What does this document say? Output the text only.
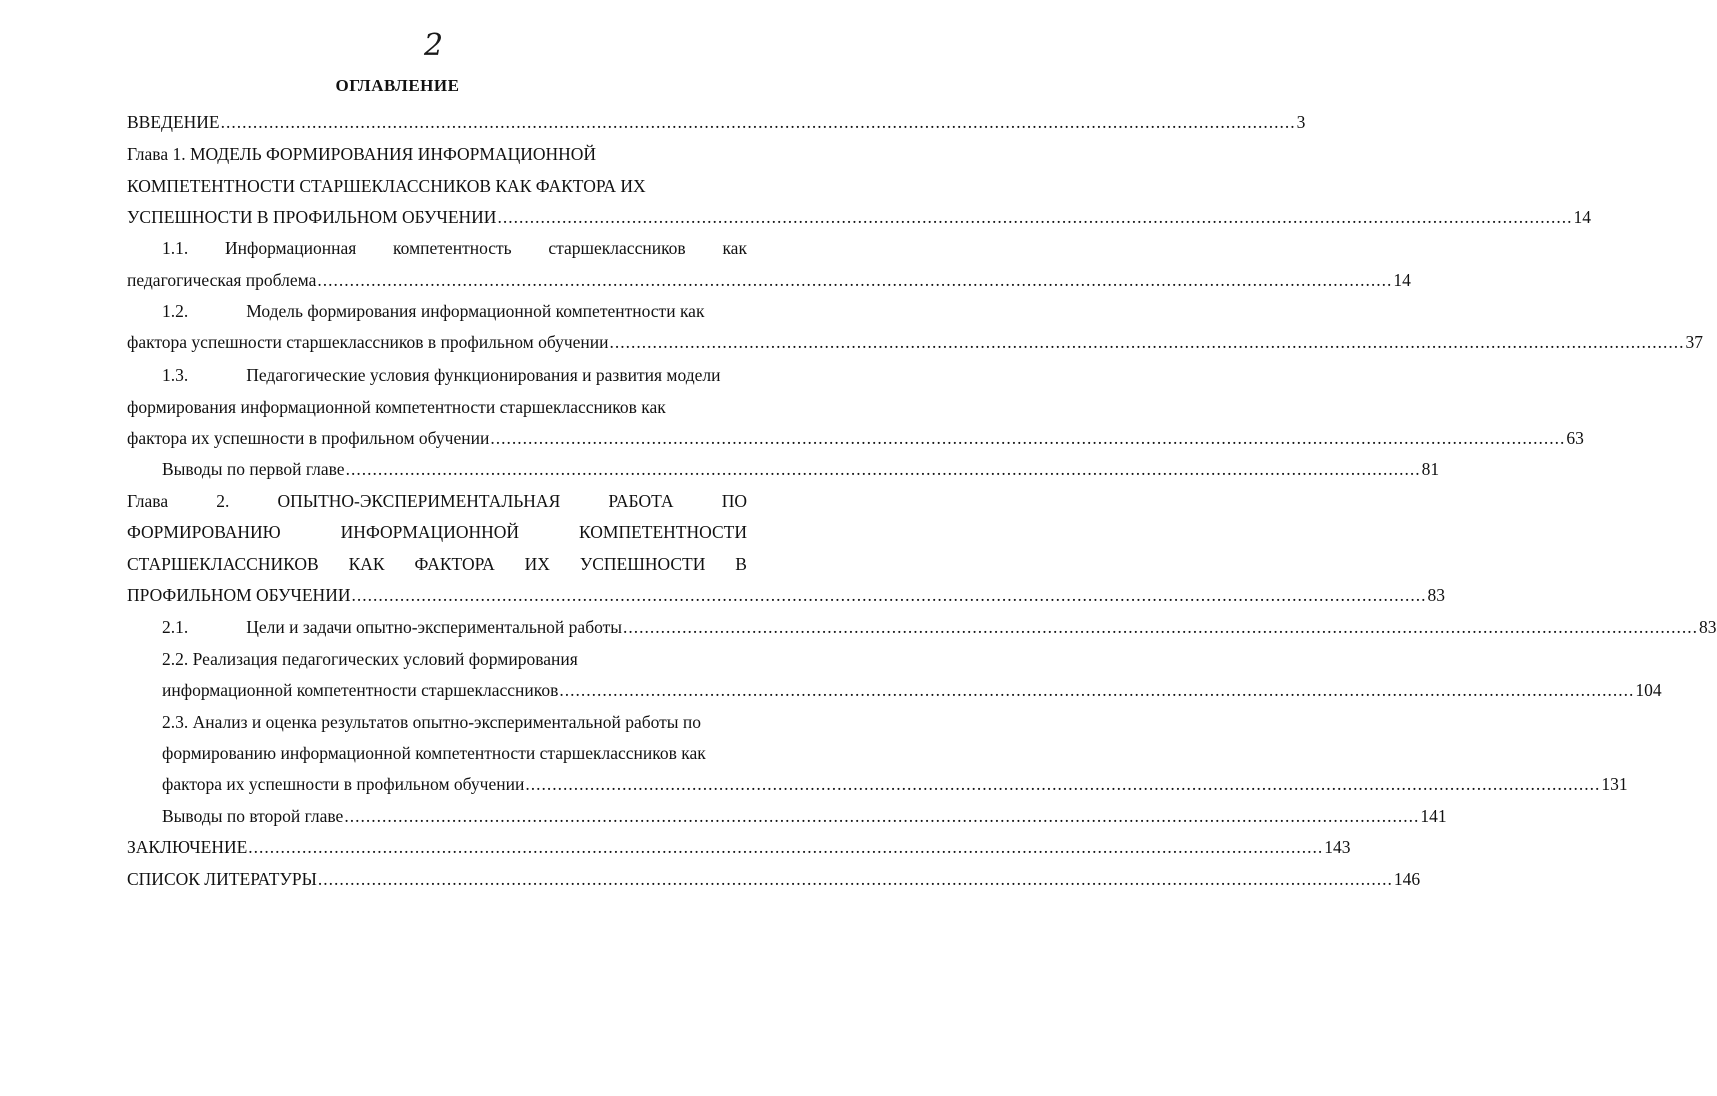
2
ОГЛАВЛЕНИЕ
ВВЕДЕНИЕ ........................................................................................................................................................................................................ 3
Глава 1. МОДЕЛЬ ФОРМИРОВАНИЯ ИНФОРМАЦИОННОЙ
КОМПЕТЕНТНОСТИ СТАРШЕКЛАССНИКОВ КАК ФАКТОРА ИХ
УСПЕШНОСТИ В ПРОФИЛЬНОМ ОБУЧЕНИИ ........................................................................................................................................................................................................ 14
1.1. Информационная компетентность старшеклассников как
педагогическая проблема ........................................................................................................................................................................................................ 14
1.2.	Модель формирования информационной компетентности как
фактора успешности старшеклассников в профильном обучении ........................................................................................................................................................................................................ 37
1.3.	Педагогические условия функционирования и развития модели
формирования информационной компетентности старшеклассников как
фактора их успешности в профильном обучении ........................................................................................................................................................................................................ 63
Выводы по первой главе ........................................................................................................................................................................................................ 81
Глава	2.	ОПЫТНО-ЭКСПЕРИМЕНТАЛЬНАЯ	РАБОТА	ПО
ФОРМИРОВАНИЮ	ИНФОРМАЦИОННОЙ	КОМПЕТЕНТНОСТИ
СТАРШЕКЛАССНИКОВ КАК ФАКТОРА ИХ УСПЕШНОСТИ В
ПРОФИЛЬНОМ ОБУЧЕНИИ ........................................................................................................................................................................................................ 83
2.1.	Цели и задачи опытно-экспериментальной работы ........................................................................................................................................................................................................ 83
2.2. Реализация педагогических условий формирования
информационной компетентности старшеклассников ........................................................................................................................................................................................................ 104
2.3. Анализ и оценка результатов опытно-экспериментальной работы по
формированию информационной компетентности старшеклассников как
фактора их успешности в профильном обучении ........................................................................................................................................................................................................ 131
Выводы по второй главе ........................................................................................................................................................................................................ 141
ЗАКЛЮЧЕНИЕ ........................................................................................................................................................................................................ 143
СПИСОК ЛИТЕРАТУРЫ ........................................................................................................................................................................................................ 146
